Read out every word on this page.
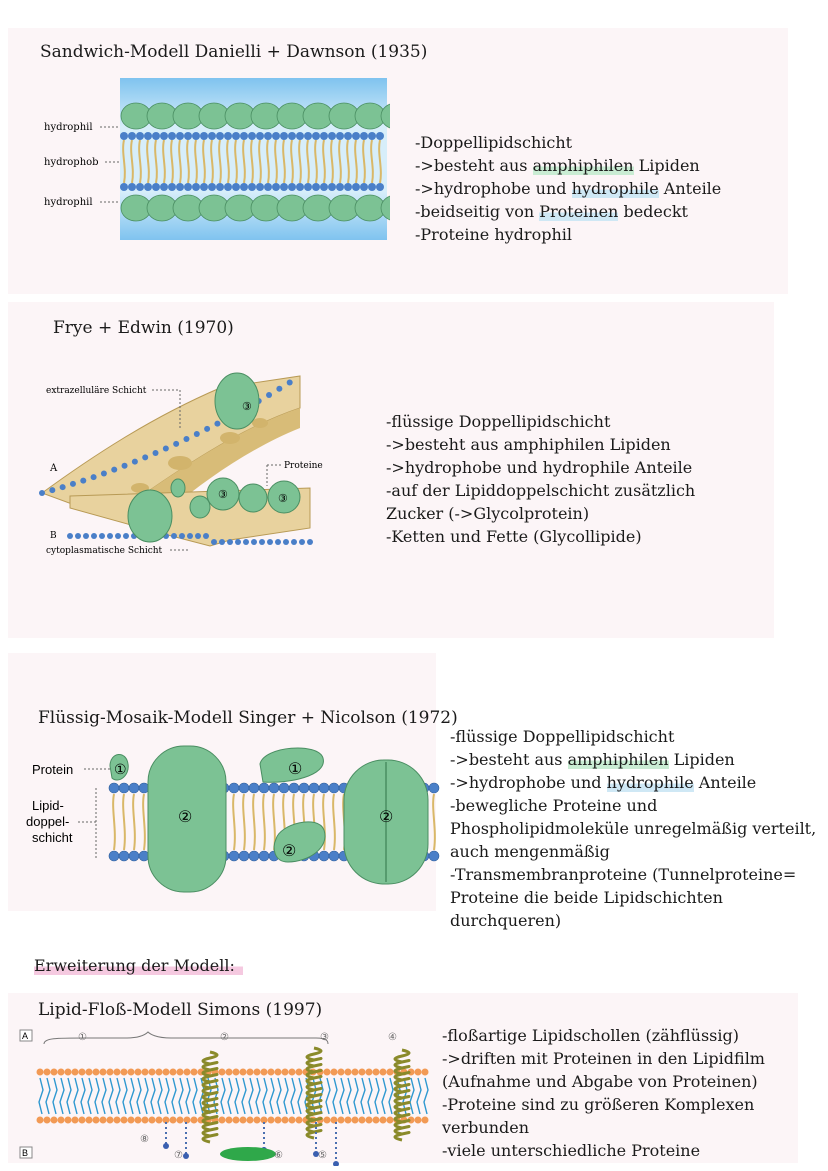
Sandwich-Modell Danielli + Dawnson (1935)
hydrophil
hydrophob
hydrophil
-Doppellipidschicht
->besteht aus amphiphilen Lipiden
->hydrophobe und hydrophile Anteile
-beidseitig von Proteinen bedeckt
-Proteine hydrophil
Frye + Edwin (1970)
③
③	③
extrazelluläre Schicht
Proteine
A
B
cytoplasmatische Schicht
-flüssige Doppellipidschicht
->besteht aus amphiphilen Lipiden
->hydrophobe und hydrophile Anteile
-auf der Lipiddoppelschicht zusätzlich
Zucker (->Glycolprotein)
-Ketten und Fette (Glycollipide)
Flüssig-Mosaik-Modell Singer + Nicolson (1972)
①
②
①
②
②
Protein
Lipid-
doppel-
schicht
-flüssige Doppellipidschicht
->besteht aus amphiphilen Lipiden
->hydrophobe und hydrophile Anteile
-bewegliche Proteine und
Phospholipidmoleküle unregelmäßig verteilt,
auch mengenmäßig
-Transmembranproteine (Tunnelproteine=
Proteine die beide Lipidschichten
durchqueren)
Erweiterung der Modell:
Lipid-Floß-Modell Simons (1997)
A
B
①	②	③	④
⑤
⑥
⑦
⑧
-floßartige Lipidschollen (zähflüssig)
->driften mit Proteinen in den Lipidfilm
(Aufnahme und Abgabe von Proteinen)
-Proteine sind zu größeren Komplexen
verbunden
-viele unterschiedliche Proteine
